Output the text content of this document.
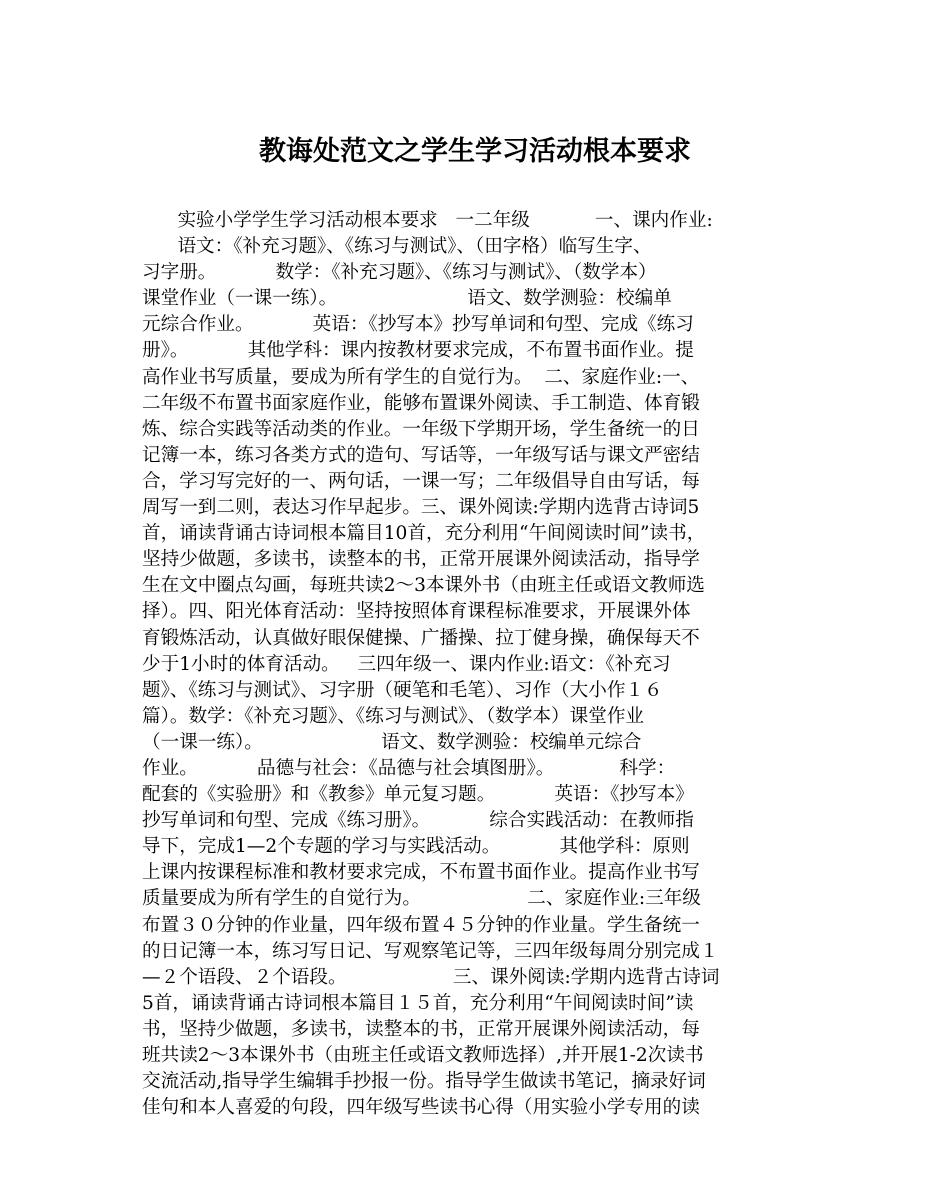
教诲处范文之学生学习活动根本要求
实验小学学生学习活动根本要求   一二年级           一、课内作业:
语文：《补充习题》、《练习与测试》、（田字格）临写生字、
习字册。          数学：《补充习题》、《练习与测试》、（数学本）
课堂作业（一课一练）。                      语文、数学测验：校编单
元综合作业。          英语：《抄写本》抄写单词和句型、完成《练习
册》。          其他学科：课内按教材要求完成，不布置书面作业。提
高作业书写质量，要成为所有学生的自觉行为。  二、家庭作业:一、
二年级不布置书面家庭作业，能够布置课外阅读、手工制造、体育锻
炼、综合实践等活动类的作业。一年级下学期开场，学生备统一的日
记簿一本，练习各类方式的造句、写话等，一年级写话与课文严密结
合，学习写完好的一、两句话，一课一写；二年级倡导自由写话，每
周写一到二则，表达习作早起步。三、课外阅读:学期内选背古诗词5
首，诵读背诵古诗词根本篇目10首，充分利用“午间阅读时间”读书，
坚持少做题，多读书，读整本的书，正常开展课外阅读活动，指导学
生在文中圈点勾画，每班共读2～3本课外书（由班主任或语文教师选
择）。四、阳光体育活动：坚持按照体育课程标准要求，开展课外体
育锻炼活动，认真做好眼保健操、广播操、拉丁健身操，确保每天不
少于1小时的体育活动。   三四年级一、课内作业:语文：《补充习
题》、《练习与测试》、习字册（硬笔和毛笔）、习作（大小作１６
篇）。数学：《补充习题》、《练习与测试》、（数学本）课堂作业
（一课一练）。                    语文、数学测验：校编单元综合
作业。          品德与社会：《品德与社会填图册》。           科学：
配套的《实验册》和《教参》单元复习题。          英语：《抄写本》
抄写单词和句型、完成《练习册》。          综合实践活动：在教师指
导下，完成1—2个专题的学习与实践活动。          其他学科：原则
上课内按课程标准和教材要求完成，不布置书面作业。提高作业书写
质量要成为所有学生的自觉行为。                  二、家庭作业:三年级
布置３０分钟的作业量，四年级布置４５分钟的作业量。学生备统一
的日记簿一本，练习写日记、写观察笔记等，三四年级每周分别完成１
—２个语段、２个语段。                  三、课外阅读:学期内选背古诗词
5首，诵读背诵古诗词根本篇目１５首，充分利用“午间阅读时间”读
书，坚持少做题，多读书，读整本的书，正常开展课外阅读活动，每
班共读2～3本课外书（由班主任或语文教师选择）,并开展1-2次读书
交流活动,指导学生编辑手抄报一份。指导学生做读书笔记，摘录好词
佳句和本人喜爱的句段，四年级写些读书心得（用实验小学专用的读
